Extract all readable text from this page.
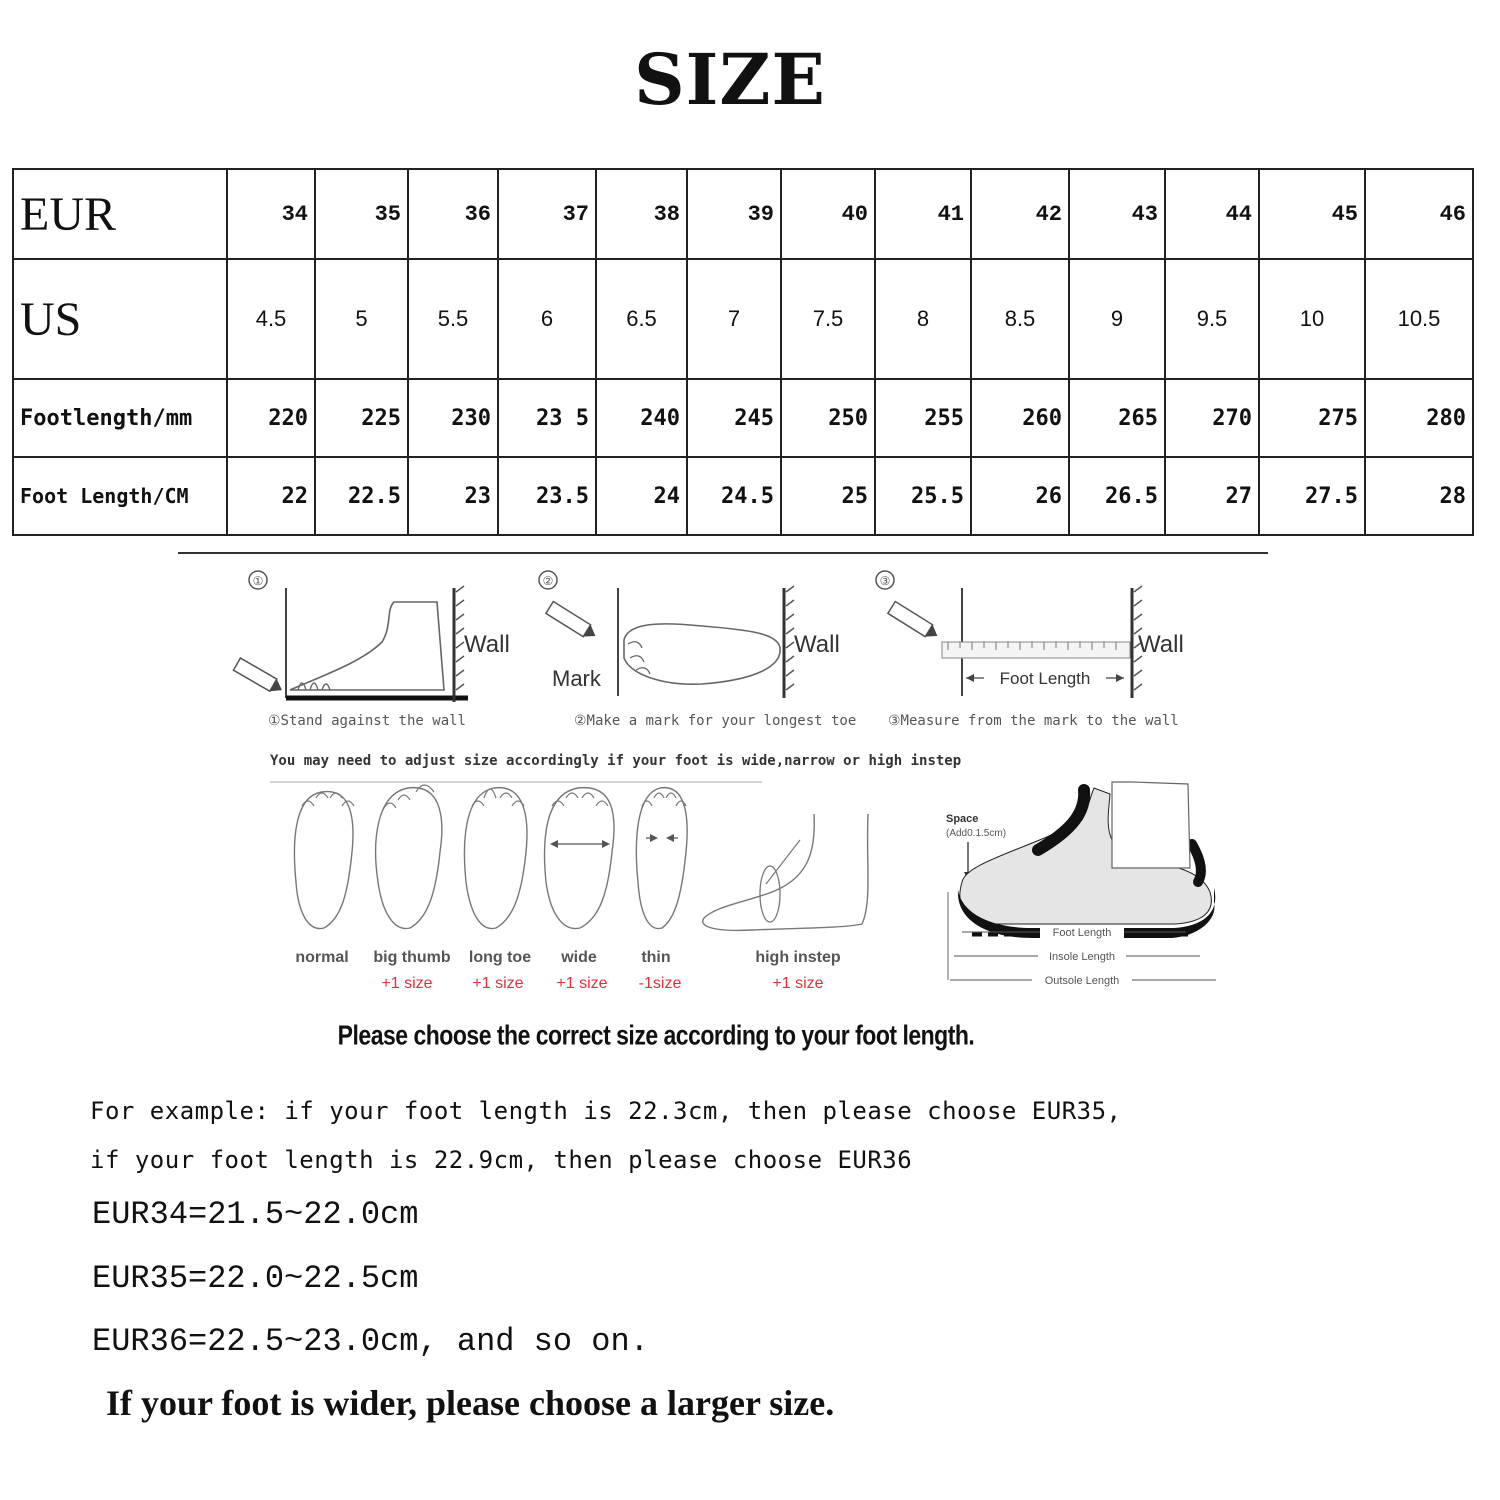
SIZE
EUR	34	35	36	37	38	39	40	41	42	43	44	45	46
US	4.5	5	5.5	6	6.5	7	7.5	8	8.5	9	9.5	10	10.5
Footlength/mm	220	225	230	23 5	240	245	250	255	260	265	270	275	280
Foot Length/CM	22	22.5	23	23.5	24	24.5	25	25.5	26	26.5	27	27.5	28
①
Wall
①Stand against the wall
②
Mark
Wall
②Make a mark for your longest toe
③
Foot Length
Wall
③Measure from the mark to the wall
You may need to adjust size accordingly if your foot is wide,narrow or high instep
normal big thumb
+1 size
long toe
+1 size
wide
+1 size
thin
-1size
high instep
+1 size
Space
(Add0.1.5cm)
Foot Length
Insole Length
Outsole Length
Please choose the correct size according to your foot length.
For example: if your foot length is 22.3cm, then please choose EUR35,
if your foot length is 22.9cm, then please choose EUR36
EUR34=21.5~22.0cm
EUR35=22.0~22.5cm
EUR36=22.5~23.0cm, and so on.
If your foot is wider, please choose a larger size.
